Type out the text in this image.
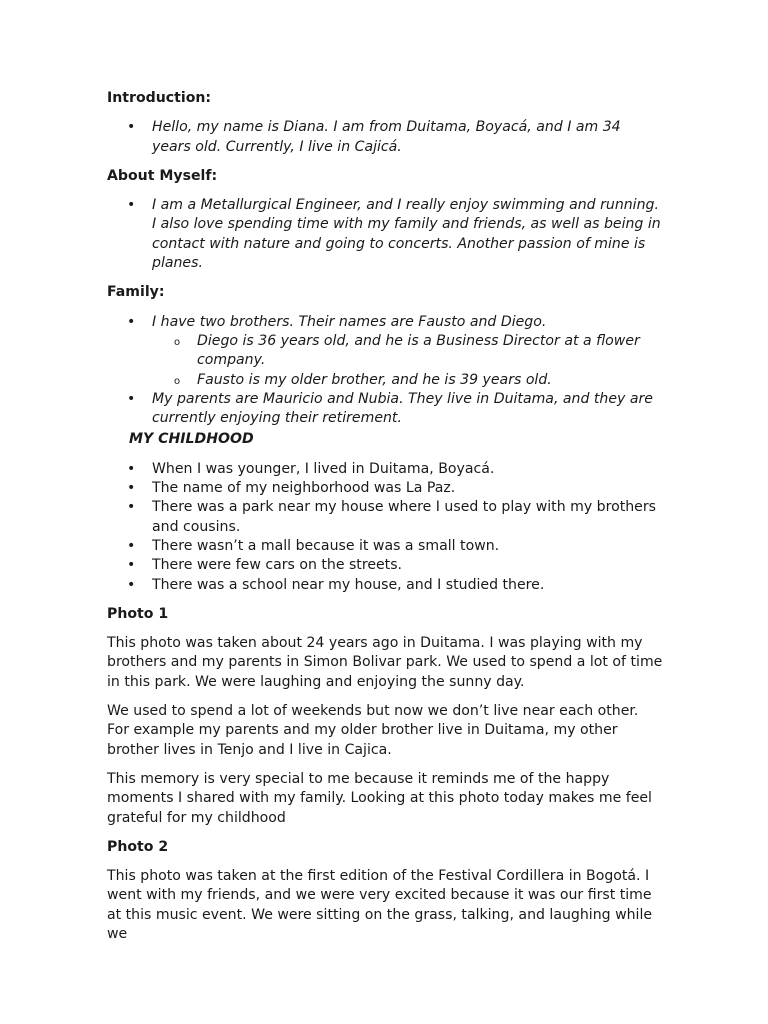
Introduction:
• Hello, my name is Diana. I am from Duitama, Boyacá, and I am 34 years old. Currently, I live in Cajicá.
About Myself:
• I am a Metallurgical Engineer, and I really enjoy swimming and running. I also love spending time with my family and friends, as well as being in contact with nature and going to concerts. Another passion of mine is planes.
Family:
• I have two brothers. Their names are Fausto and Diego.
o Diego is 36 years old, and he is a Business Director at a flower company.
o Fausto is my older brother, and he is 39 years old.
• My parents are Mauricio and Nubia. They live in Duitama, and they are currently enjoying their retirement.
MY CHILDHOOD
• When I was younger, I lived in Duitama, Boyacá.
• The name of my neighborhood was La Paz.
• There was a park near my house where I used to play with my brothers and cousins.
• There wasn’t a mall because it was a small town.
• There were few cars on the streets.
• There was a school near my house, and I studied there.
Photo 1

This photo was taken about 24 years ago in Duitama. I was playing with my brothers and my parents in Simon Bolivar park. We used to spend a lot of time in this park. We were laughing and enjoying the sunny day.

We used to spend a lot of weekends but now we don’t live near each other. For example my parents and my older brother live in Duitama, my other brother lives in Tenjo and I live in Cajica.

This memory is very special to me because it reminds me of the happy moments I shared with my family. Looking at this photo today makes me feel grateful for my childhood

Photo 2

This photo was taken at the first edition of the Festival Cordillera in Bogotá. I went with my friends, and we were very excited because it was our first time at this music event. We were sitting on the grass, talking, and laughing while we
